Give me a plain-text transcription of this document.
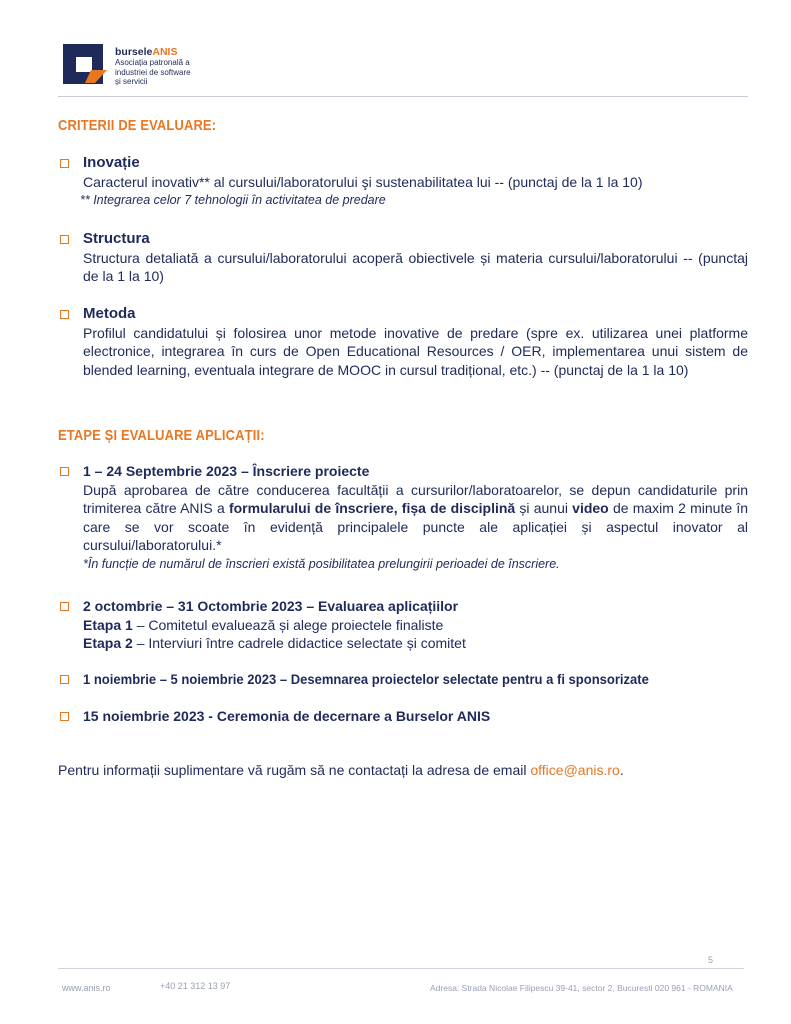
burseleANIS
Asociația patronală a
industriei de software
și servicii
CRITERII DE EVALUARE:
Inovație
Caracterul inovativ** al cursului/laboratorului şi sustenabilitatea lui -- (punctaj de la 1 la 10)
** Integrarea celor 7 tehnologii în activitatea de predare
Structura
Structura detaliată a cursului/laboratorului acoperă obiectivele și materia cursului/laboratorului -- (punctaj de la 1 la 10)
Metoda
Profilul candidatului și folosirea unor metode inovative de predare (spre ex. utilizarea unei platforme electronice, integrarea în curs de Open Educational Resources / OER, implementarea unui sistem de blended learning, eventuala integrare de MOOC in cursul tradițional, etc.) -- (punctaj de la 1 la 10)
ETAPE ȘI EVALUARE APLICAȚII:
1 – 24 Septembrie 2023 – Înscriere proiecte
După aprobarea de către conducerea facultății a cursurilor/laboratoarelor, se depun candidaturile prin trimiterea către ANIS a formularului de înscriere, fișa de disciplină și aunui video de maxim 2 minute în care se vor scoate în evidență principalele puncte ale aplicației și aspectul inovator al cursului/laboratorului.*
*În funcție de numărul de înscrieri există posibilitatea prelungirii perioadei de înscriere.
2 octombrie – 31 Octombrie 2023 – Evaluarea aplicațiilor
Etapa 1 – Comitetul evaluează și alege proiectele finaliste
Etapa 2 – Interviuri între cadrele didactice selectate și comitet
1 noiembrie – 5 noiembrie 2023 – Desemnarea proiectelor selectate pentru a fi sponsorizate
15 noiembrie 2023 - Ceremonia de decernare a Burselor ANIS
Pentru informații suplimentare vă rugăm să ne contactați la adresa de email office@anis.ro.
5
www.anis.ro	+40 21 312 13 97	Adresa: Strada Nicolae Filipescu 39-41, sector 2, Bucuresti 020 961 - ROMANIA
